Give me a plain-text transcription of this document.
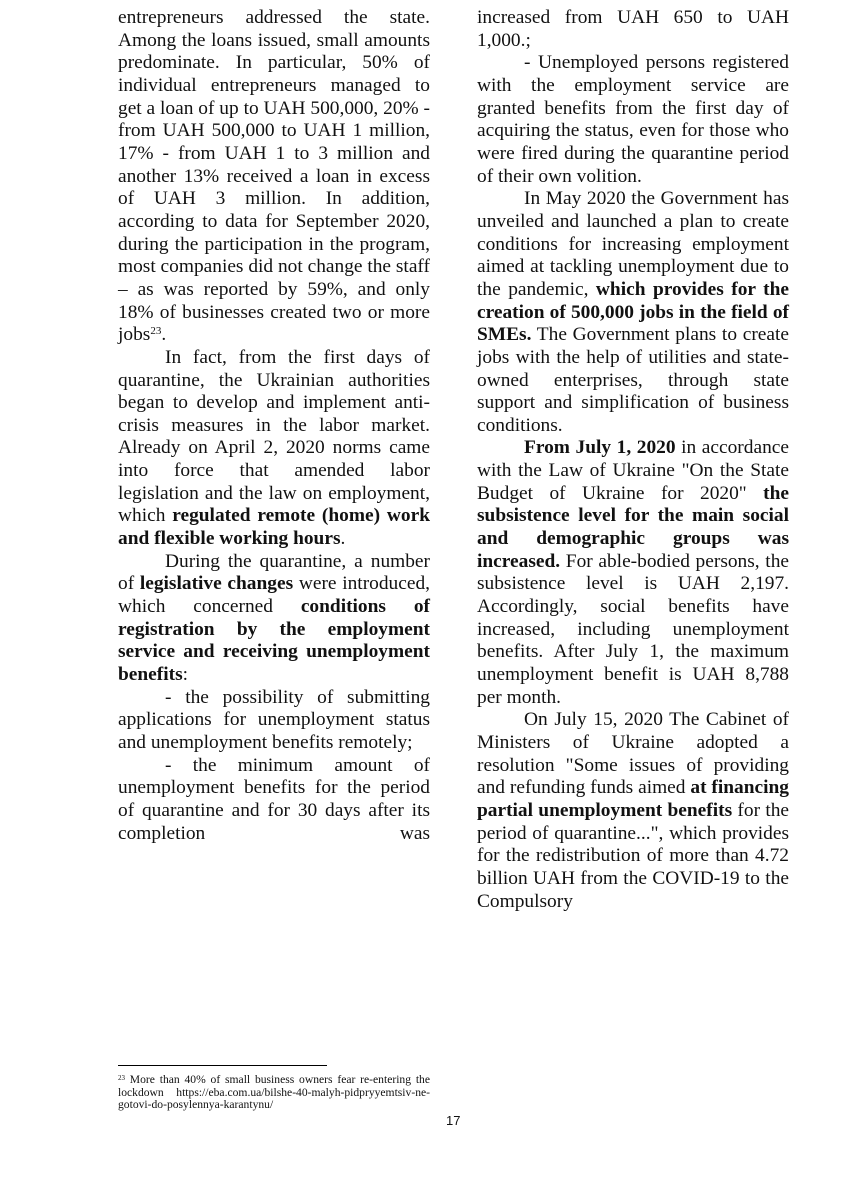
entrepreneurs addressed the state. Among the loans issued, small amounts predominate. In particular, 50% of individual entrepreneurs managed to get a loan of up to UAH 500,000, 20% - from UAH 500,000 to UAH 1 million, 17% - from UAH 1 to 3 million and another 13% received a loan in excess of UAH 3 million. In addition, according to data for September 2020, during the participation in the program, most companies did not change the staff – as was reported by 59%, and only 18% of businesses created two or more jobs$^{23}$.

In fact, from the first days of quarantine, the Ukrainian authorities began to develop and implement anti-crisis measures in the labor market. Already on April 2, 2020 norms came into force that amended labor legislation and the law on employment, which regulated remote (home) work and flexible working hours.

During the quarantine, a number of legislative changes were introduced, which concerned conditions of registration by the employment service and receiving unemployment benefits:

- the possibility of submitting applications for unemployment status and unemployment benefits remotely;

- the minimum amount of unemployment benefits for the period of quarantine and for 30 days after its completion was

increased from UAH 650 to UAH 1,000.;

- Unemployed persons registered with the employment service are granted benefits from the first day of acquiring the status, even for those who were fired during the quarantine period of their own volition.

In May 2020 the Government has unveiled and launched a plan to create conditions for increasing employment aimed at tackling unemployment due to the pandemic, which provides for the creation of 500,000 jobs in the field of SMEs. The Government plans to create jobs with the help of utilities and state-owned enterprises, through state support and simplification of business conditions.

From July 1, 2020 in accordance with the Law of Ukraine "On the State Budget of Ukraine for 2020" the subsistence level for the main social and demographic groups was increased. For able-bodied persons, the subsistence level is UAH 2,197. Accordingly, social benefits have increased, including unemployment benefits. After July 1, the maximum unemployment benefit is UAH 8,788 per month.

On July 15, 2020 The Cabinet of Ministers of Ukraine adopted a resolution "Some issues of providing and refunding funds aimed at financing partial unemployment benefits for the period of quarantine...", which provides for the redistribution of more than 4.72 billion UAH from the COVID-19 to the Compulsory

$^{23}$ More than 40% of small business owners fear re-entering the lockdown https://eba.com.ua/bilshe-40-malyh-pidpryyemtsiv-ne-gotovi-do-posylennya-karantynu/
17
